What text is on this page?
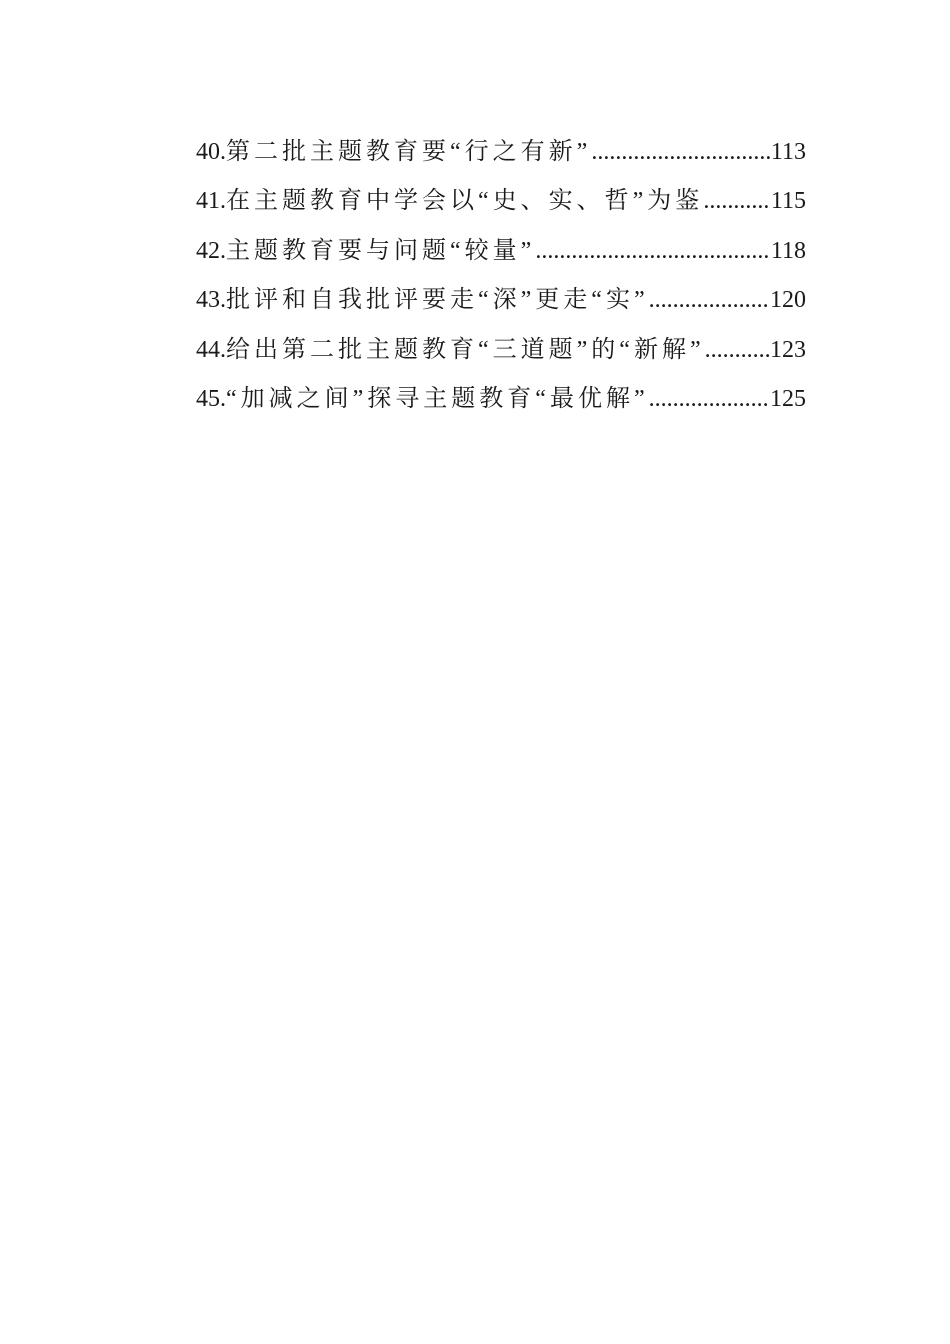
40. 第二批主题教育要“行之有新” .....	113
41. 在主题教育中学会以“史、实、哲”为鉴 .....	115
42. 主题教育要与问题“较量” .....	118
43. 批评和自我批评要走“深”更走“实” .....	120
44. 给出第二批主题教育“三道题”的“新解” .....	123
45. “加减之间”探寻主题教育“最优解” .....	125
